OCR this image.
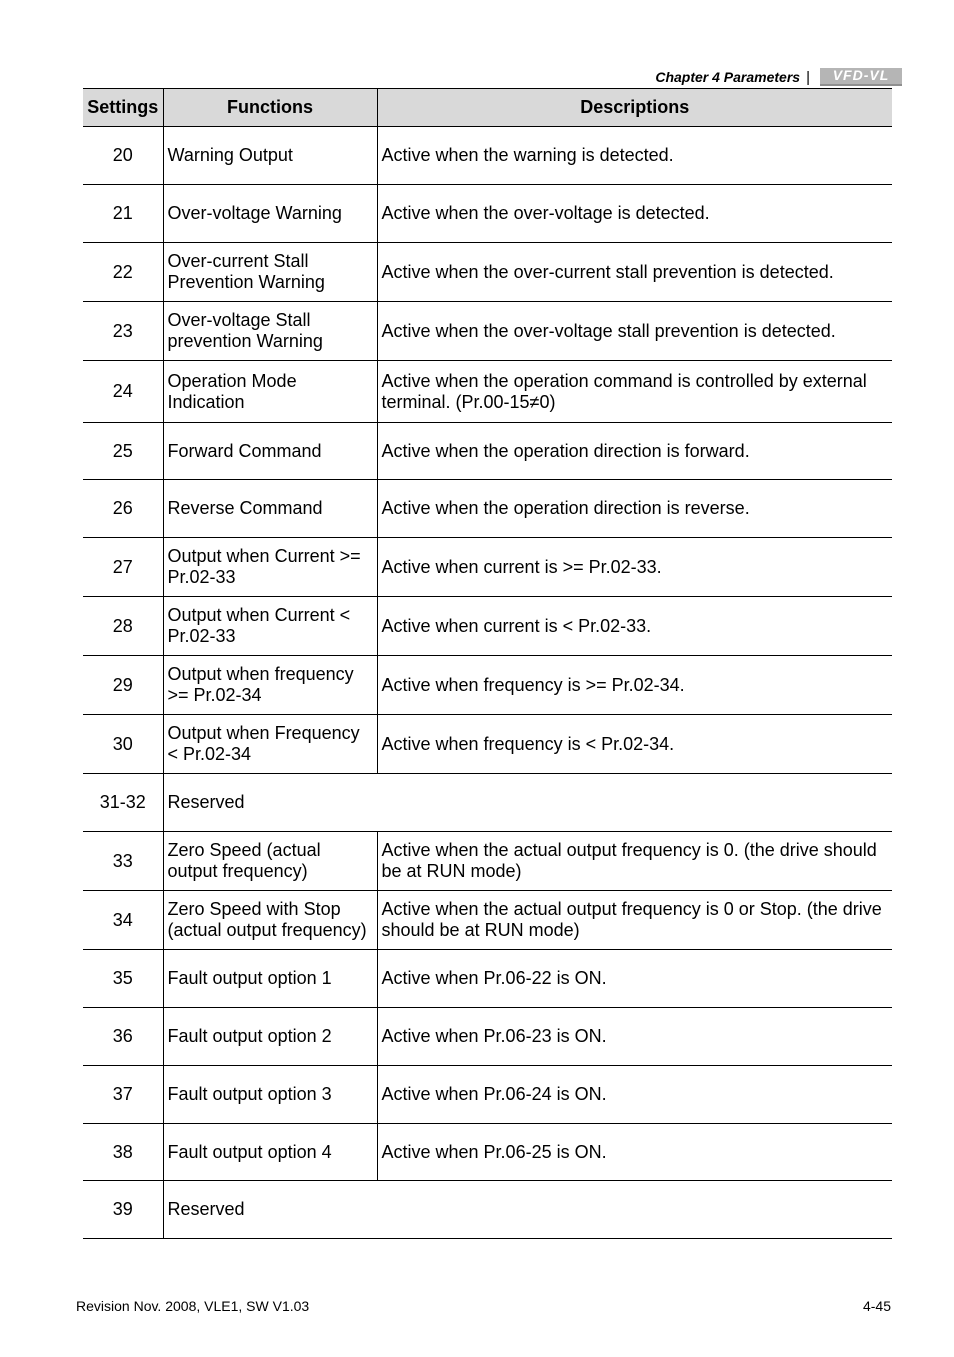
Chapter 4 Parameters |	VFD-VL
Settings	Functions	Descriptions
20	Warning Output	Active when the warning is detected.
21	Over-voltage Warning	Active when the over-voltage is detected.
22	Over-current Stall Prevention Warning	Active when the over-current stall prevention is detected.
23	Over-voltage Stall prevention Warning	Active when the over-voltage stall prevention is detected.
24	Operation Mode Indication	Active when the operation command is controlled by external terminal. (Pr.00-15≠0)
25	Forward Command	Active when the operation direction is forward.
26	Reverse Command	Active when the operation direction is reverse.
27	Output when Current >= Pr.02-33	Active when current is >= Pr.02-33.
28	Output when Current < Pr.02-33	Active when current is < Pr.02-33.
29	Output when frequency >= Pr.02-34	Active when frequency is >= Pr.02-34.
30	Output when Frequency < Pr.02-34	Active when frequency is < Pr.02-34.
31-32	Reserved	
33	Zero Speed (actual output frequency)	Active when the actual output frequency is 0. (the drive should be at RUN mode)
34	Zero Speed with Stop (actual output frequency)	Active when the actual output frequency is 0 or Stop. (the drive should be at RUN mode)
35	Fault output option 1	Active when Pr.06-22 is ON.
36	Fault output option 2	Active when Pr.06-23 is ON.
37	Fault output option 3	Active when Pr.06-24 is ON.
38	Fault output option 4	Active when Pr.06-25 is ON.
39	Reserved	
Revision Nov. 2008, VLE1, SW V1.03	4-45
